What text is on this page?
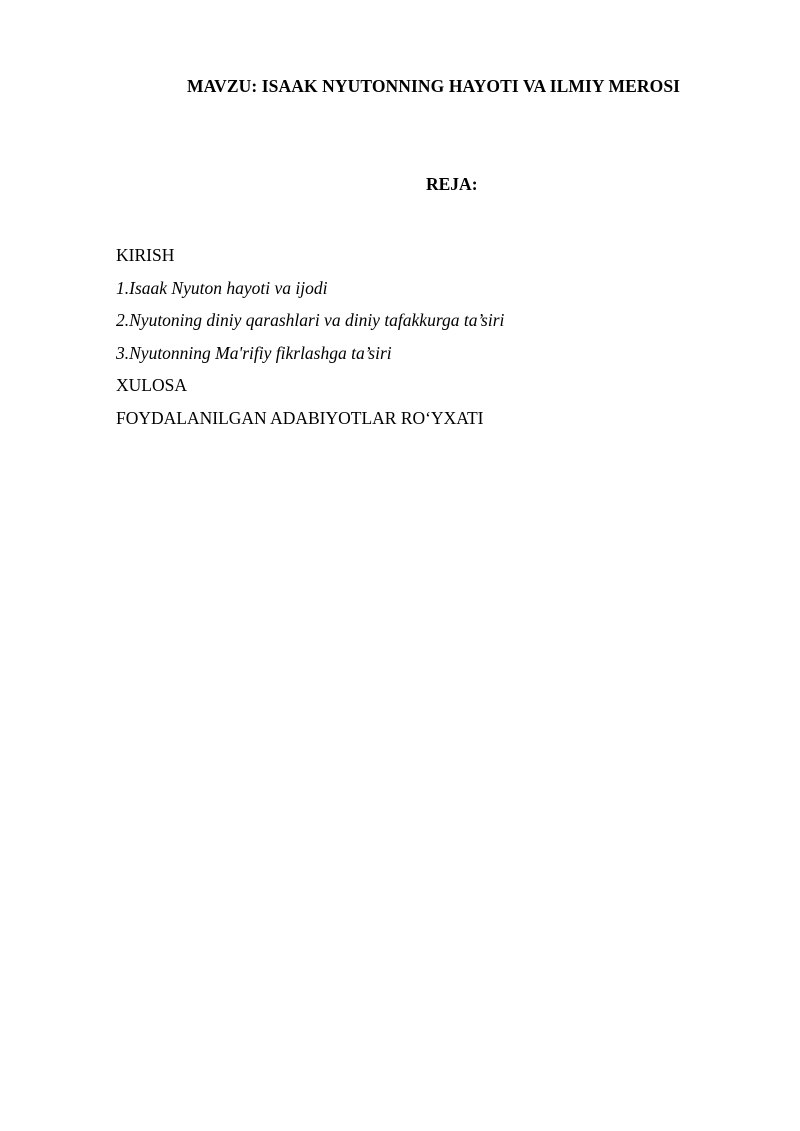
MAVZU: ISAAK NYUTONNING HAYOTI VA ILMIY MEROSI
REJA:
KIRISH
1.Isaak Nyuton hayoti va ijodi
2.Nyutoning diniy qarashlari va diniy tafakkurga ta’siri
3.Nyutonning Ma'rifiy fikrlashga ta’siri
XULOSA
FOYDALANILGAN ADABIYOTLAR RO‘YXATI
